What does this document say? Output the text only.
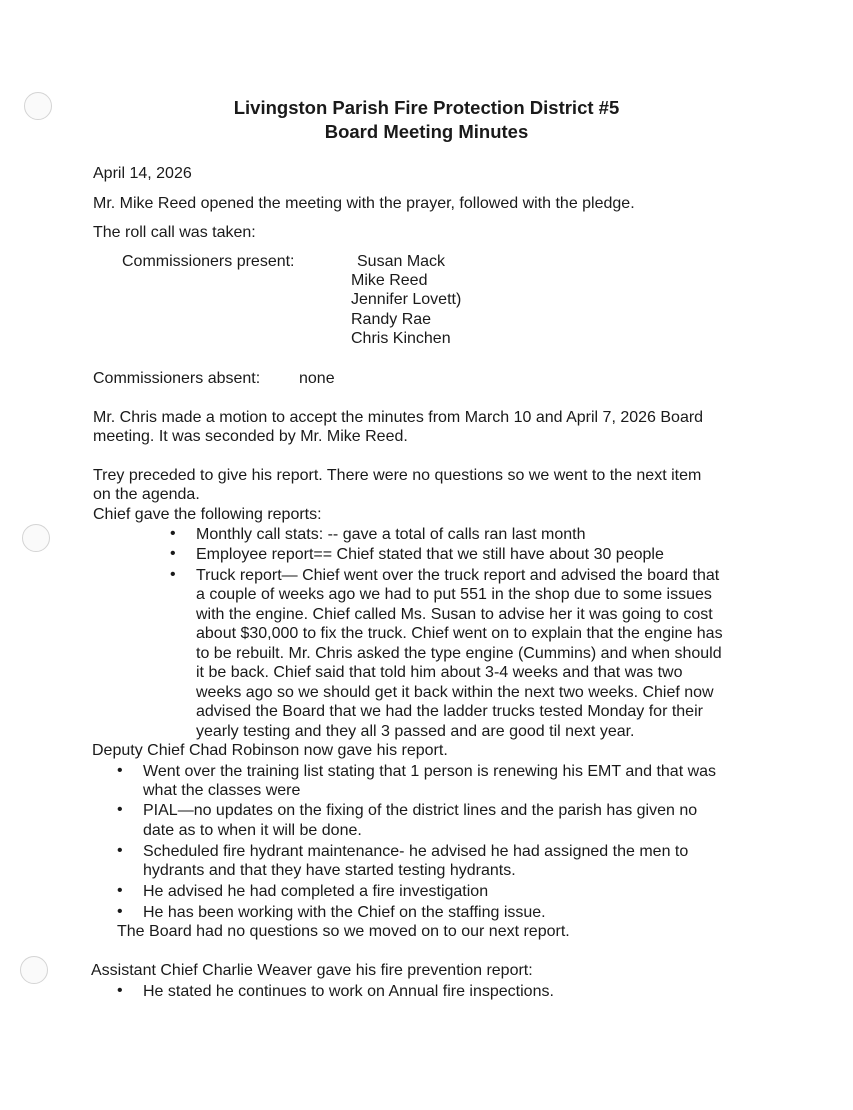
Livingston Parish Fire Protection District #5
Board Meeting Minutes
April 14, 2026
Mr. Mike Reed opened the meeting with the prayer, followed with the pledge.
The roll call was taken:
Commissioners present:	Susan Mack
Mike Reed
Jennifer Lovett)
Randy Rae
Chris Kinchen
Commissioners absent: none
Mr. Chris made a motion to accept the minutes from March 10 and April 7, 2026 Board
meeting. It was seconded by Mr. Mike Reed.
Trey preceded to give his report. There were no questions so we went to the next item
on the agenda.
Chief gave the following reports:
• Monthly call stats: -- gave a total of calls ran last month
• Employee report== Chief stated that we still have about 30 people
• Truck report— Chief went over the truck report and advised the board that
a couple of weeks ago we had to put 551 in the shop due to some issues
with the engine. Chief called Ms. Susan to advise her it was going to cost
about $30,000 to fix the truck. Chief went on to explain that the engine has
to be rebuilt. Mr. Chris asked the type engine (Cummins) and when should
it be back. Chief said that told him about 3-4 weeks and that was two
weeks ago so we should get it back within the next two weeks. Chief now
advised the Board that we had the ladder trucks tested Monday for their
yearly testing and they all 3 passed and are good til next year.
Deputy Chief Chad Robinson now gave his report.
• Went over the training list stating that 1 person is renewing his EMT and that was
what the classes were
• PIAL—no updates on the fixing of the district lines and the parish has given no
date as to when it will be done.
• Scheduled fire hydrant maintenance- he advised he had assigned the men to
hydrants and that they have started testing hydrants.
• He advised he had completed a fire investigation
• He has been working with the Chief on the staffing issue.
The Board had no questions so we moved on to our next report.
Assistant Chief Charlie Weaver gave his fire prevention report:
• He stated he continues to work on Annual fire inspections.
